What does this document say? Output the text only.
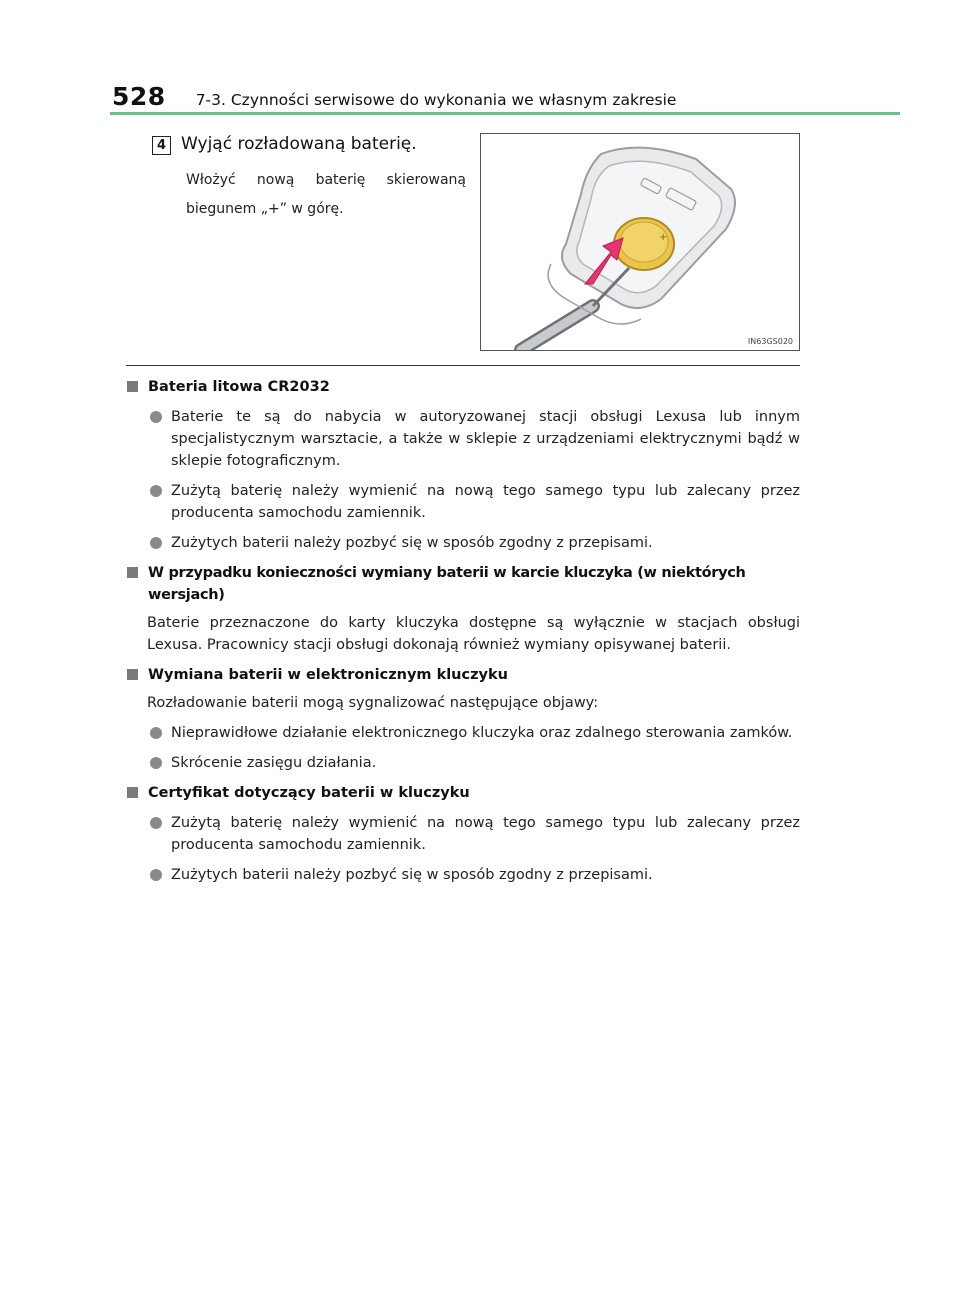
528 7-3. Czynności serwisowe do wykonania we własnym zakresie
4 Wyjąć rozładowaną baterię.
Włożyć nową baterię skierowaną biegunem „+” w górę.
+
IN63GS020
Bateria litowa CR2032
Baterie te są do nabycia w autoryzowanej stacji obsługi Lexusa lub innym specjalistycznym warsztacie, a także w sklepie z urządzeniami elektrycznymi bądź w sklepie fotograficznym.
Zużytą baterię należy wymienić na nową tego samego typu lub zalecany przez producenta samochodu zamiennik.
Zużytych baterii należy pozbyć się w sposób zgodny z przepisami.
W przypadku konieczności wymiany baterii w karcie kluczyka (w niektórych wersjach)
Baterie przeznaczone do karty kluczyka dostępne są wyłącznie w stacjach obsługi Lexusa. Pracownicy stacji obsługi dokonają również wymiany opisywanej baterii.
Wymiana baterii w elektronicznym kluczyku
Rozładowanie baterii mogą sygnalizować następujące objawy:
Nieprawidłowe działanie elektronicznego kluczyka oraz zdalnego sterowania zamków.
Skrócenie zasięgu działania.
Certyfikat dotyczący baterii w kluczyku
Zużytą baterię należy wymienić na nową tego samego typu lub zalecany przez producenta samochodu zamiennik.
Zużytych baterii należy pozbyć się w sposób zgodny z przepisami.
